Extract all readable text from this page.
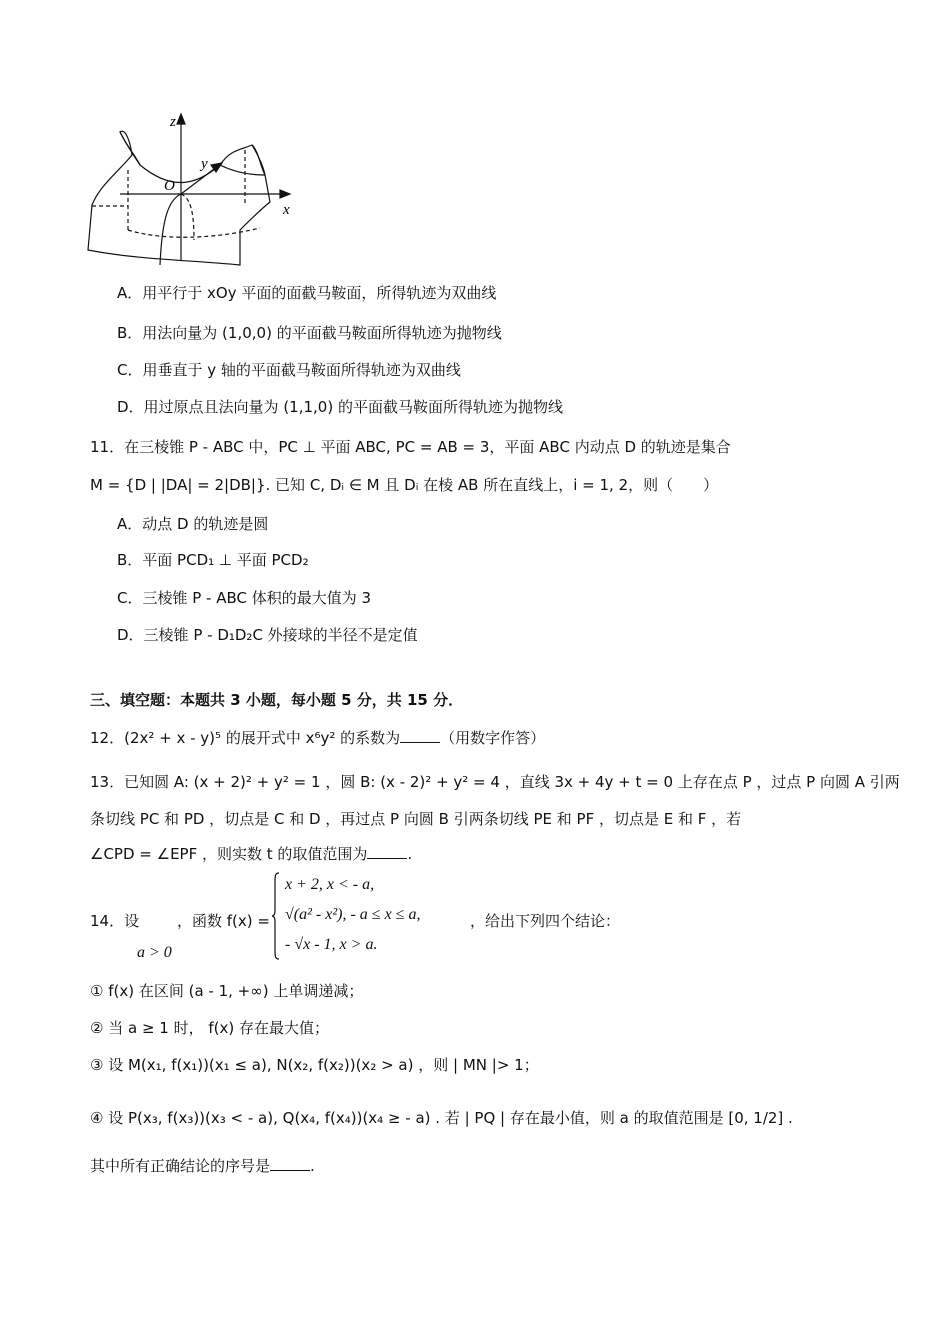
z
y
x
O
A．用平行于 xOy 平面的面截马鞍面，所得轨迹为双曲线
B．用法向量为 (1,0,0) 的平面截马鞍面所得轨迹为抛物线
C．用垂直于 y 轴的平面截马鞍面所得轨迹为双曲线
D．用过原点且法向量为 (1,1,0) 的平面截马鞍面所得轨迹为抛物线
11．在三棱锥 P - ABC 中，PC ⊥ 平面 ABC, PC = AB = 3，平面 ABC 内动点 D 的轨迹是集合
M = {D | |DA| = 2|DB|}. 已知 C, Dᵢ ∈ M 且 Dᵢ 在棱 AB 所在直线上，i = 1, 2，则（　　）
A．动点 D 的轨迹是圆
B．平面 PCD₁ ⊥ 平面 PCD₂
C．三棱锥 P - ABC 体积的最大值为 3
D．三棱锥 P - D₁D₂C 外接球的半径不是定值
三、填空题：本题共 3 小题，每小题 5 分，共 15 分．
12．(2x² + x - y)⁵ 的展开式中 x⁶y² 的系数为	（用数字作答）
13．已知圆 A: (x + 2)² + y² = 1 ，圆 B: (x - 2)² + y² = 4 ，直线 3x + 4y + t = 0 上存在点 P ，过点 P 向圆 A 引两
条切线 PC 和 PD ，切点是 C 和 D ，再过点 P 向圆 B 引两条切线 PE 和 PF ，切点是 E 和 F ，若
∠CPD = ∠EPF ，则实数 t 的取值范围为	.
14．设
a > 0
，函数 f(x) =
x + 2, x < - a,
√(a² - x²), - a ≤ x ≤ a,
- √x - 1, x > a.
，给出下列四个结论：
① f(x) 在区间 (a - 1, +∞) 上单调递减；
② 当 a ≥ 1 时， f(x) 存在最大值；
③ 设 M(x₁, f(x₁))(x₁ ≤ a), N(x₂, f(x₂))(x₂ > a) ，则 | MN |> 1；
④ 设 P(x₃, f(x₃))(x₃ < - a), Q(x₄, f(x₄))(x₄ ≥ - a) . 若 | PQ | 存在最小值，则 a 的取值范围是 [0, 1/2] .
其中所有正确结论的序号是	.
